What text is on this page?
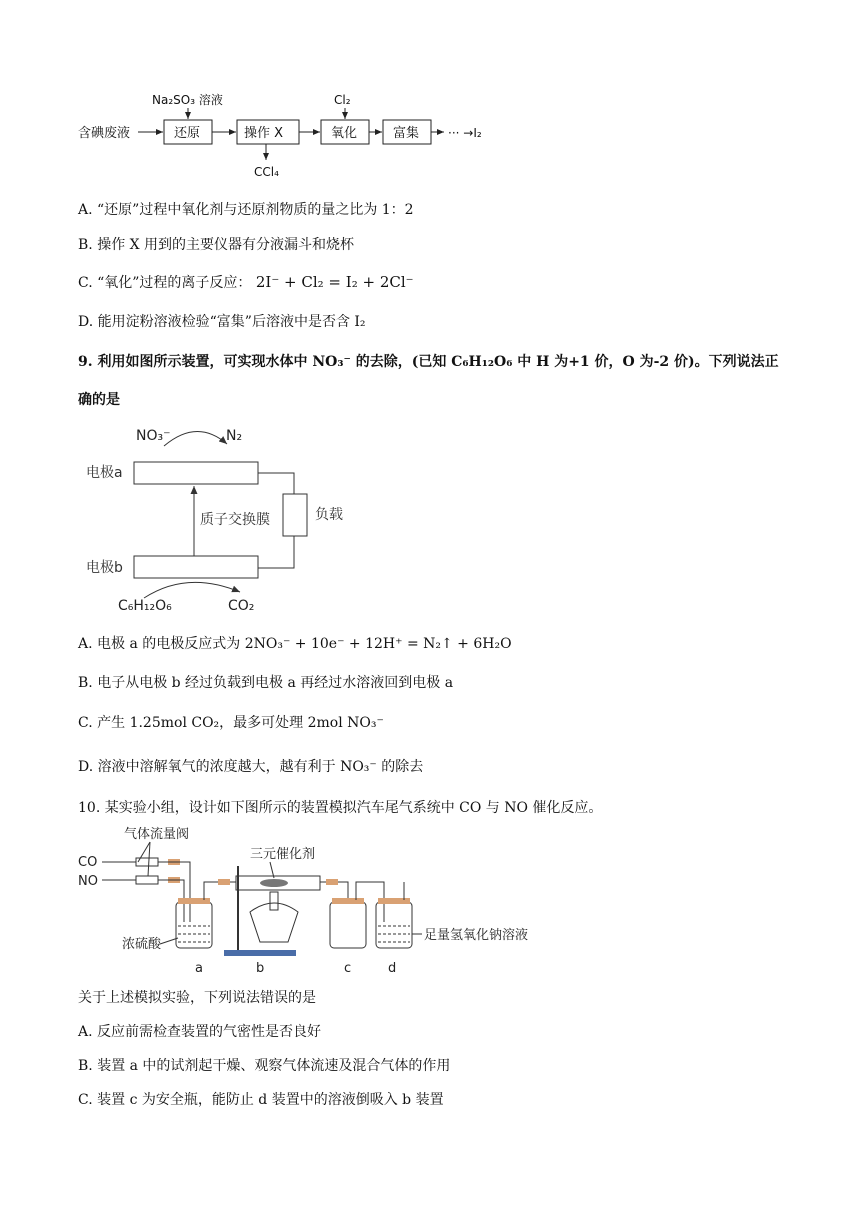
含碘废液	还原
Na₂SO₃ 溶液
操作 X
CCl₄
氧化
Cl₂
富集 ··· →I₂
A. “还原”过程中氧化剂与还原剂物质的量之比为 1：2
B. 操作 X 用到的主要仪器有分液漏斗和烧杯
C. “氧化”过程的离子反应： 2I⁻ + Cl₂ = I₂ + 2Cl⁻
D. 能用淀粉溶液检验“富集”后溶液中是否含 I₂
9. 利用如图所示装置，可实现水体中 NO₃⁻ 的去除，(已知 C₆H₁₂O₆ 中 H 为+1 价，O 为-2 价)。下列说法正
确的是
NO₃⁻	N₂
电极a
质子交换膜	负载
电极b
C₆H₁₂O₆	CO₂
A. 电极 a 的电极反应式为 2NO₃⁻ + 10e⁻ + 12H⁺ = N₂↑ + 6H₂O
B. 电子从电极 b 经过负载到电极 a 再经过水溶液回到电极 a
C. 产生 1.25mol CO₂，最多可处理 2mol NO₃⁻
D. 溶液中溶解氧气的浓度越大，越有利于 NO₃⁻ 的除去
10. 某实验小组，设计如下图所示的装置模拟汽车尾气系统中 CO 与 NO 催化反应。
气体流量阀
CO
NO
浓硫酸
三元催化剂
足量氢氧化钠溶液
a	b	c	d
关于上述模拟实验，下列说法错误的是
A. 反应前需检查装置的气密性是否良好
B. 装置 a 中的试剂起干燥、观察气体流速及混合气体的作用
C. 装置 c 为安全瓶，能防止 d 装置中的溶液倒吸入 b 装置
